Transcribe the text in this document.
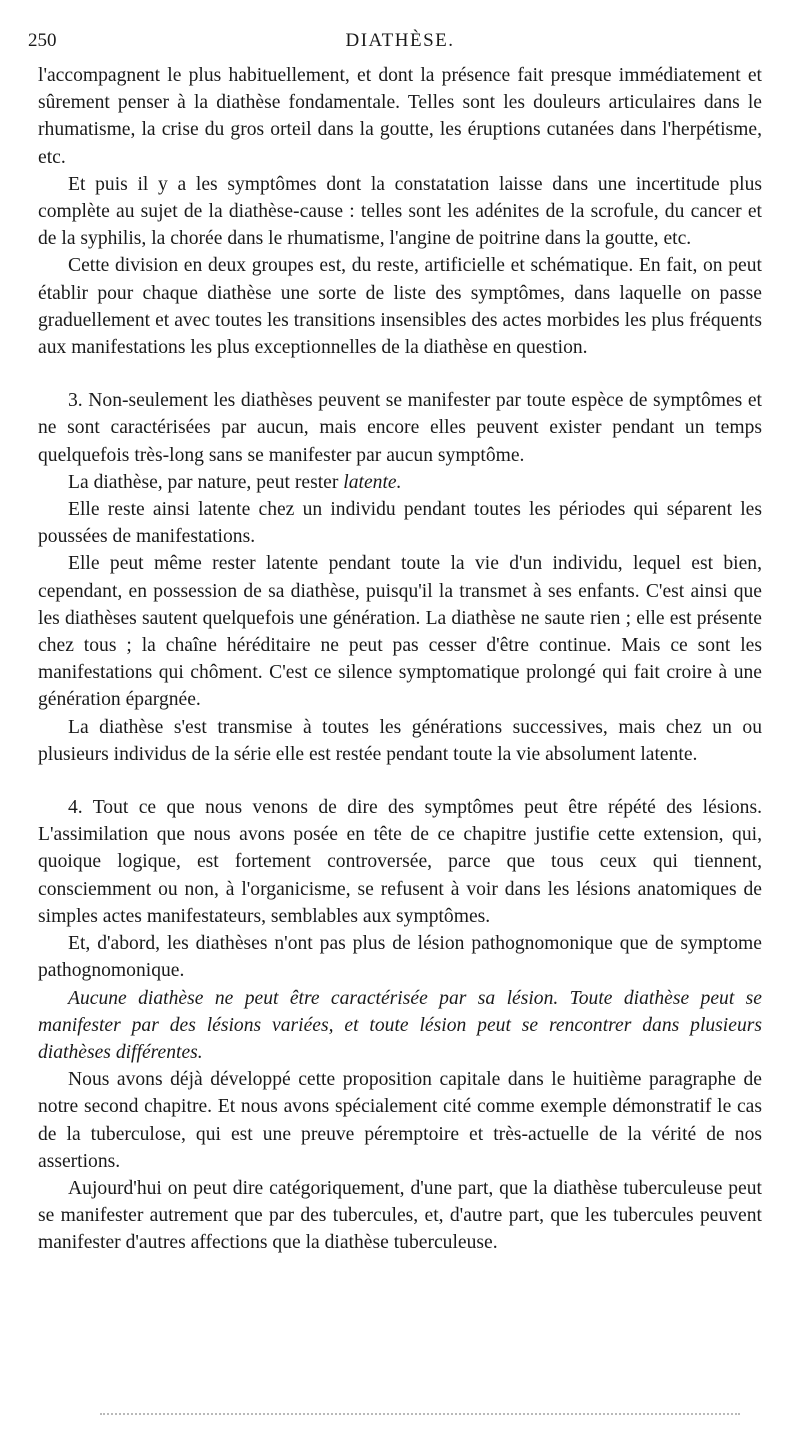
250	DIATHÈSE.

l'accompagnent le plus habituellement, et dont la présence fait presque immédiatement et sûrement penser à la diathèse fondamentale. Telles sont les douleurs articulaires dans le rhumatisme, la crise du gros orteil dans la goutte, les éruptions cutanées dans l'herpétisme, etc.

Et puis il y a les symptômes dont la constatation laisse dans une incertitude plus complète au sujet de la diathèse-cause : telles sont les adénites de la scrofule, du cancer et de la syphilis, la chorée dans le rhumatisme, l'angine de poitrine dans la goutte, etc.

Cette division en deux groupes est, du reste, artificielle et schématique. En fait, on peut établir pour chaque diathèse une sorte de liste des symptômes, dans laquelle on passe graduellement et avec toutes les transitions insensibles des actes morbides les plus fréquents aux manifestations les plus exceptionnelles de la diathèse en question.

3. Non-seulement les diathèses peuvent se manifester par toute espèce de symptômes et ne sont caractérisées par aucun, mais encore elles peuvent exister pendant un temps quelquefois très-long sans se manifester par aucun symptôme.

La diathèse, par nature, peut rester latente.

Elle reste ainsi latente chez un individu pendant toutes les périodes qui séparent les poussées de manifestations.

Elle peut même rester latente pendant toute la vie d'un individu, lequel est bien, cependant, en possession de sa diathèse, puisqu'il la transmet à ses enfants. C'est ainsi que les diathèses sautent quelquefois une génération. La diathèse ne saute rien ; elle est présente chez tous ; la chaîne héréditaire ne peut pas cesser d'être continue. Mais ce sont les manifestations qui chôment. C'est ce silence symptomatique prolongé qui fait croire à une génération épargnée.

La diathèse s'est transmise à toutes les générations successives, mais chez un ou plusieurs individus de la série elle est restée pendant toute la vie absolument latente.

4. Tout ce que nous venons de dire des symptômes peut être répété des lésions. L'assimilation que nous avons posée en tête de ce chapitre justifie cette extension, qui, quoique logique, est fortement controversée, parce que tous ceux qui tiennent, consciemment ou non, à l'organicisme, se refusent à voir dans les lésions anatomiques de simples actes manifestateurs, semblables aux symptômes.

Et, d'abord, les diathèses n'ont pas plus de lésion pathognomonique que de symptome pathognomonique.

Aucune diathèse ne peut être caractérisée par sa lésion. Toute diathèse peut se manifester par des lésions variées, et toute lésion peut se rencontrer dans plusieurs diathèses différentes.

Nous avons déjà développé cette proposition capitale dans le huitième paragraphe de notre second chapitre. Et nous avons spécialement cité comme exemple démonstratif le cas de la tuberculose, qui est une preuve péremptoire et très-actuelle de la vérité de nos assertions.

Aujourd'hui on peut dire catégoriquement, d'une part, que la diathèse tuberculeuse peut se manifester autrement que par des tubercules, et, d'autre part, que les tubercules peuvent manifester d'autres affections que la diathèse tuberculeuse.
